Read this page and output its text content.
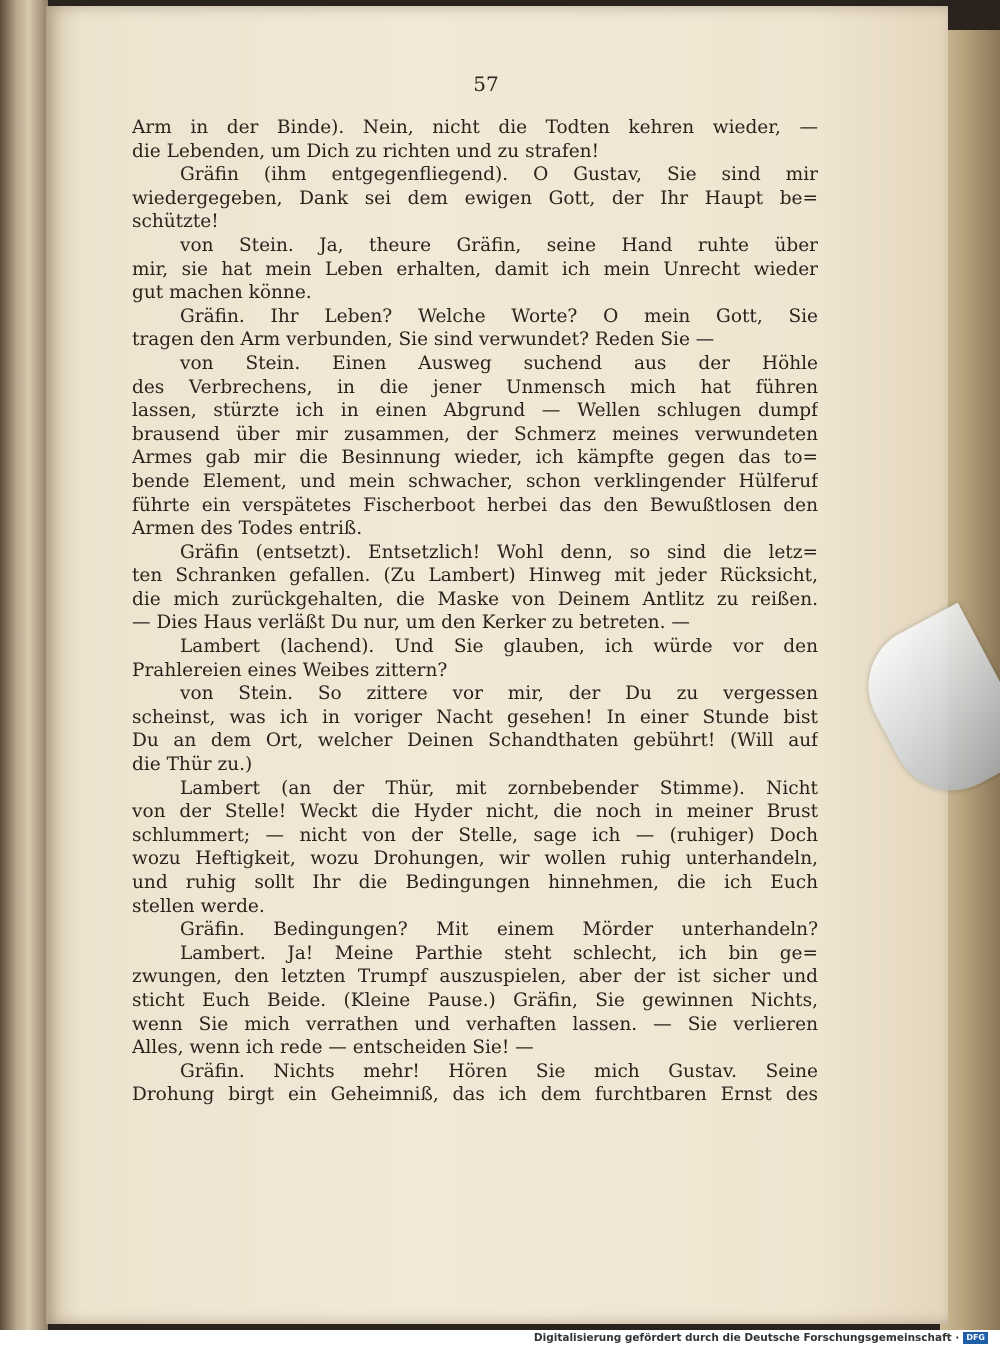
57
Arm in der Binde). Nein, nicht die Todten kehren wieder, —
die Lebenden, um Dich zu richten und zu strafen!
Gräfin (ihm entgegenfliegend). O Gustav, Sie sind mir
wiedergegeben, Dank sei dem ewigen Gott, der Ihr Haupt be=
schützte!
von Stein. Ja, theure Gräfin, seine Hand ruhte über
mir, sie hat mein Leben erhalten, damit ich mein Unrecht wieder
gut machen könne.
Gräfin. Ihr Leben? Welche Worte? O mein Gott, Sie
tragen den Arm verbunden, Sie sind verwundet? Reden Sie —
von Stein. Einen Ausweg suchend aus der Höhle
des Verbrechens, in die jener Unmensch mich hat führen
lassen, stürzte ich in einen Abgrund — Wellen schlugen dumpf
brausend über mir zusammen, der Schmerz meines verwundeten
Armes gab mir die Besinnung wieder, ich kämpfte gegen das to=
bende Element, und mein schwacher, schon verklingender Hülferuf
führte ein verspätetes Fischerboot herbei das den Bewußtlosen den
Armen des Todes entriß.
Gräfin (entsetzt). Entsetzlich! Wohl denn, so sind die letz=
ten Schranken gefallen. (Zu Lambert) Hinweg mit jeder Rücksicht,
die mich zurückgehalten, die Maske von Deinem Antlitz zu reißen.
— Dies Haus verläßt Du nur, um den Kerker zu betreten. —
Lambert (lachend). Und Sie glauben, ich würde vor den
Prahlereien eines Weibes zittern?
von Stein. So zittere vor mir, der Du zu vergessen
scheinst, was ich in voriger Nacht gesehen! In einer Stunde bist
Du an dem Ort, welcher Deinen Schandthaten gebührt! (Will auf
die Thür zu.)
Lambert (an der Thür, mit zornbebender Stimme). Nicht
von der Stelle! Weckt die Hyder nicht, die noch in meiner Brust
schlummert; — nicht von der Stelle, sage ich — (ruhiger) Doch
wozu Heftigkeit, wozu Drohungen, wir wollen ruhig unterhandeln,
und ruhig sollt Ihr die Bedingungen hinnehmen, die ich Euch
stellen werde.
Gräfin. Bedingungen? Mit einem Mörder unterhandeln?
Lambert. Ja! Meine Parthie steht schlecht, ich bin ge=
zwungen, den letzten Trumpf auszuspielen, aber der ist sicher und
sticht Euch Beide. (Kleine Pause.) Gräfin, Sie gewinnen Nichts,
wenn Sie mich verrathen und verhaften lassen. — Sie verlieren
Alles, wenn ich rede — entscheiden Sie! —
Gräfin. Nichts mehr! Hören Sie mich Gustav. Seine
Drohung birgt ein Geheimniß, das ich dem furchtbaren Ernst des
Digitalisierung gefördert durch die Deutsche Forschungsgemeinschaft · DFG
